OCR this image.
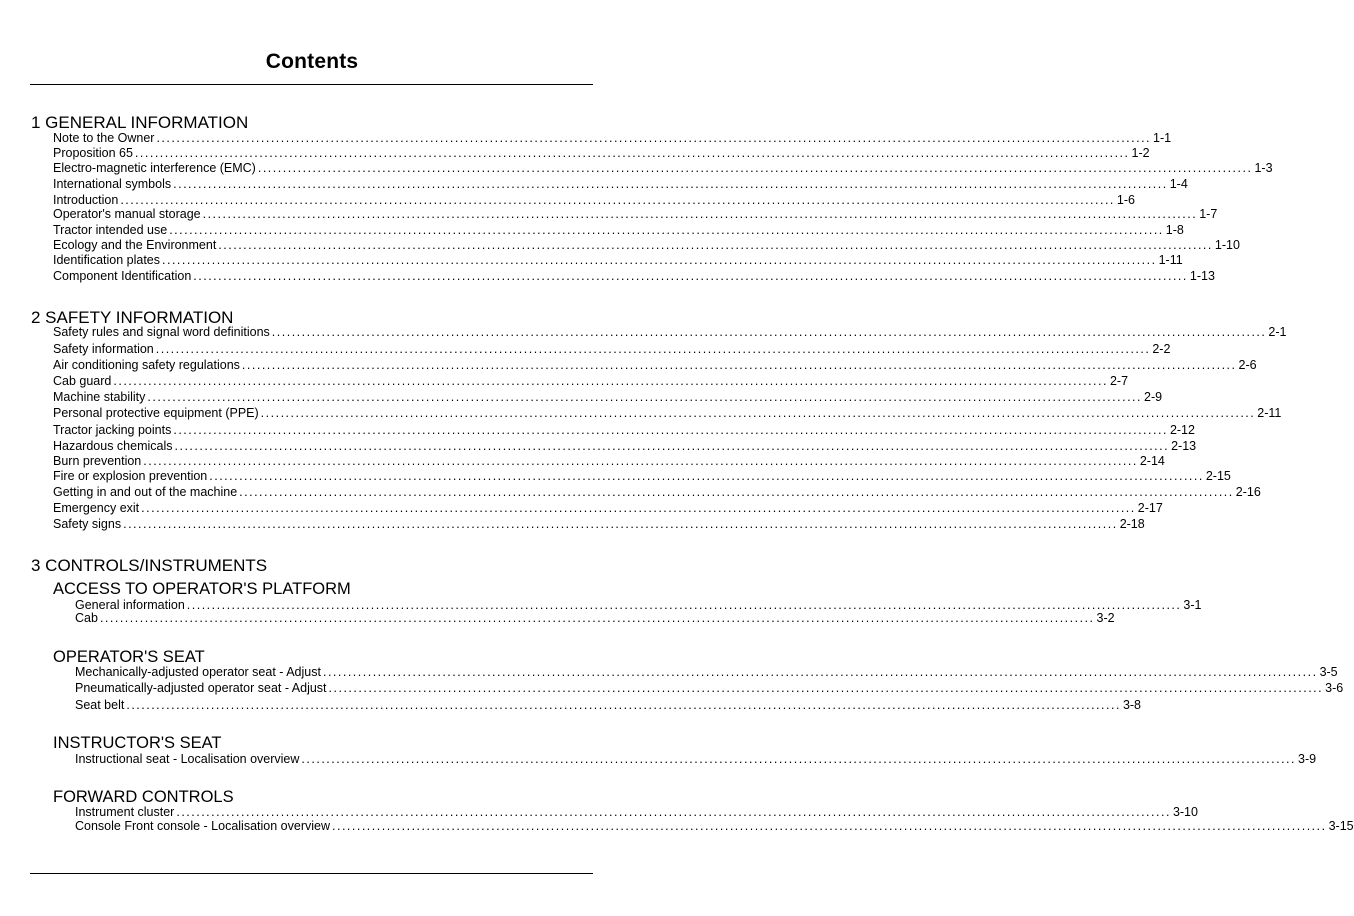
Contents
1 GENERAL INFORMATION
Note to the Owner ........................................................................................................................................................................................................ 1-1
Proposition 65 ........................................................................................................................................................................................................ 1-2
Electro-magnetic interference (EMC) ........................................................................................................................................................................................................ 1-3
International symbols ........................................................................................................................................................................................................ 1-4
Introduction ........................................................................................................................................................................................................ 1-6
Operator's manual storage ........................................................................................................................................................................................................ 1-7
Tractor intended use ........................................................................................................................................................................................................ 1-8
Ecology and the Environment ........................................................................................................................................................................................................ 1-10
Identification plates ........................................................................................................................................................................................................ 1-11
Component Identification ........................................................................................................................................................................................................ 1-13
2 SAFETY INFORMATION
Safety rules and signal word definitions ........................................................................................................................................................................................................ 2-1
Safety information ........................................................................................................................................................................................................ 2-2
Air conditioning safety regulations ........................................................................................................................................................................................................ 2-6
Cab guard ........................................................................................................................................................................................................ 2-7
Machine stability ........................................................................................................................................................................................................ 2-9
Personal protective equipment (PPE) ........................................................................................................................................................................................................ 2-11
Tractor jacking points ........................................................................................................................................................................................................ 2-12
Hazardous chemicals ........................................................................................................................................................................................................ 2-13
Burn prevention ........................................................................................................................................................................................................ 2-14
Fire or explosion prevention ........................................................................................................................................................................................................ 2-15
Getting in and out of the machine ........................................................................................................................................................................................................ 2-16
Emergency exit ........................................................................................................................................................................................................ 2-17
Safety signs ........................................................................................................................................................................................................ 2-18
3 CONTROLS/INSTRUMENTS
ACCESS TO OPERATOR'S PLATFORM
General information ........................................................................................................................................................................................................ 3-1
Cab ........................................................................................................................................................................................................ 3-2
OPERATOR'S SEAT
Mechanically-adjusted operator seat - Adjust ........................................................................................................................................................................................................ 3-5
Pneumatically-adjusted operator seat - Adjust ........................................................................................................................................................................................................ 3-6
Seat belt ........................................................................................................................................................................................................ 3-8
INSTRUCTOR'S SEAT
Instructional seat - Localisation overview ........................................................................................................................................................................................................ 3-9
FORWARD CONTROLS
Instrument cluster ........................................................................................................................................................................................................ 3-10
Console Front console - Localisation overview ........................................................................................................................................................................................................ 3-15
